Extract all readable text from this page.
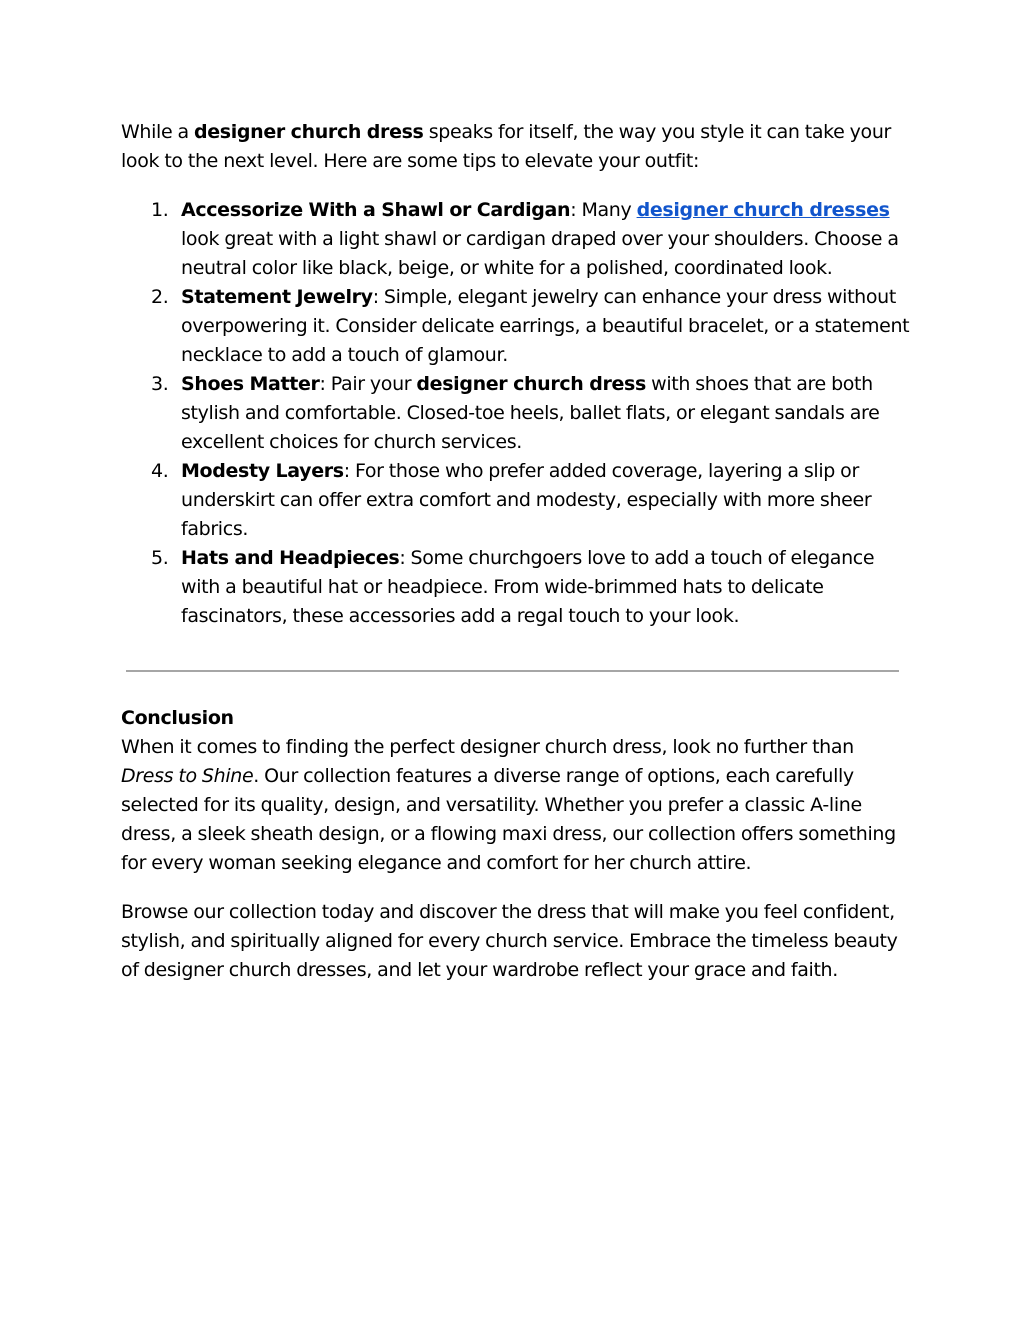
While a designer church dress speaks for itself, the way you style it can take your look to the next level. Here are some tips to elevate your outfit:

1. Accessorize With a Shawl or Cardigan: Many designer church dresses look great with a light shawl or cardigan draped over your shoulders. Choose a neutral color like black, beige, or white for a polished, coordinated look.
2. Statement Jewelry: Simple, elegant jewelry can enhance your dress without overpowering it. Consider delicate earrings, a beautiful bracelet, or a statement necklace to add a touch of glamour.
3. Shoes Matter: Pair your designer church dress with shoes that are both stylish and comfortable. Closed-toe heels, ballet flats, or elegant sandals are excellent choices for church services.
4. Modesty Layers: For those who prefer added coverage, layering a slip or underskirt can offer extra comfort and modesty, especially with more sheer fabrics.
5. Hats and Headpieces: Some churchgoers love to add a touch of elegance with a beautiful hat or headpiece. From wide-brimmed hats to delicate fascinators, these accessories add a regal touch to your look.

Conclusion

When it comes to finding the perfect designer church dress, look no further than Dress to Shine. Our collection features a diverse range of options, each carefully selected for its quality, design, and versatility. Whether you prefer a classic A-line dress, a sleek sheath design, or a flowing maxi dress, our collection offers something for every woman seeking elegance and comfort for her church attire.

Browse our collection today and discover the dress that will make you feel confident, stylish, and spiritually aligned for every church service. Embrace the timeless beauty of designer church dresses, and let your wardrobe reflect your grace and faith.
